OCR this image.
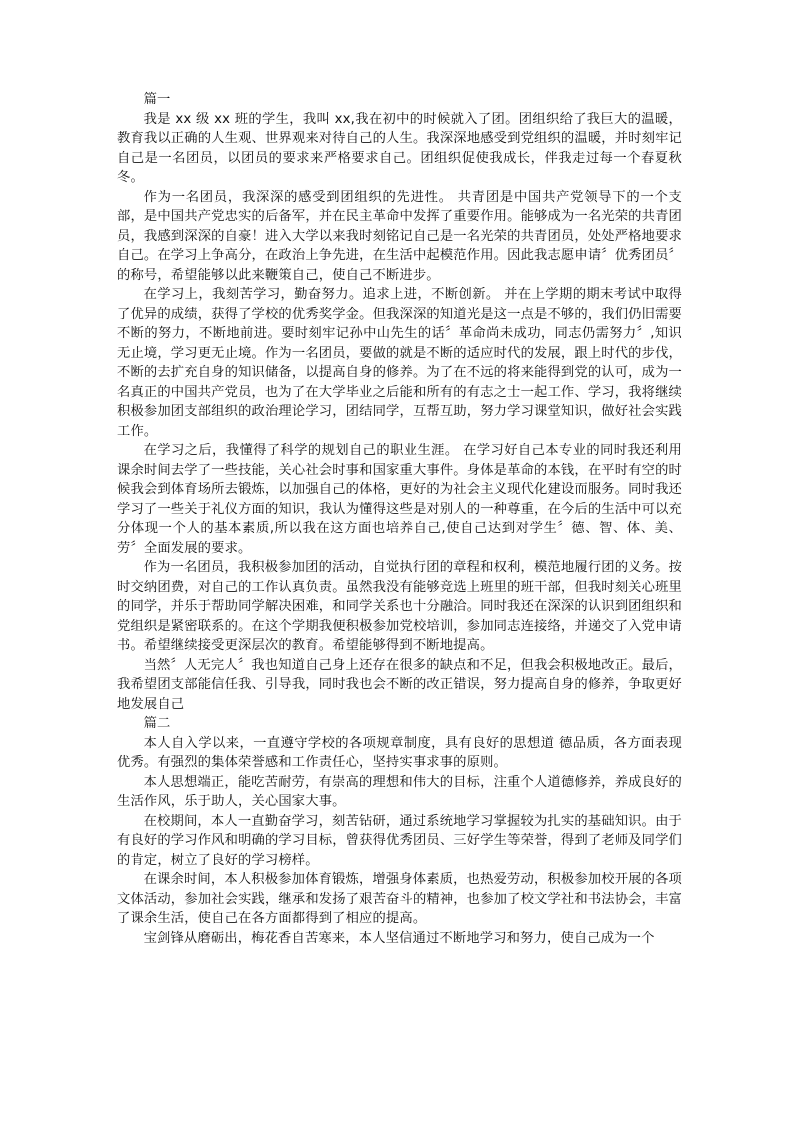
篇一

我是 xx 级 xx 班的学生，我叫 xx,我在初中的时候就入了团。团组织给了我巨大的温暖，教育我以正确的人生观、世界观来对待自己的人生。我深深地感受到党组织的温暖，并时刻牢记自己是一名团员，以团员的要求来严格要求自己。团组织促使我成长，伴我走过每一个春夏秋冬。

作为一名团员，我深深的感受到团组织的先进性。 共青团是中国共产党领导下的一个支部，是中国共产党忠实的后备军，并在民主革命中发挥了重要作用。能够成为一名光荣的共青团员，我感到深深的自豪！进入大学以来我时刻铭记自己是一名光荣的共青团员，处处严格地要求自己。在学习上争高分，在政治上争先进，在生活中起模范作用。因此我志愿申请〞优秀团员〞的称号，希望能够以此来鞭策自己，使自己不断进步。

在学习上，我刻苦学习，勤奋努力。追求上进，不断创新。 并在上学期的期末考试中取得了优异的成绩，获得了学校的优秀奖学金。但我深深的知道光是这一点是不够的，我们仍旧需要不断的努力，不断地前进。要时刻牢记孙中山先生的话〞革命尚未成功，同志仍需努力〞,知识无止境，学习更无止境。作为一名团员，要做的就是不断的适应时代的发展，跟上时代的步伐，不断的去扩充自身的知识储备，以提高自身的修养。为了在不远的将来能得到党的认可，成为一名真正的中国共产党员，也为了在大学毕业之后能和所有的有志之士一起工作、学习，我将继续积极参加团支部组织的政治理论学习，团结同学，互帮互助，努力学习课堂知识，做好社会实践工作。

在学习之后，我懂得了科学的规划自己的职业生涯。 在学习好自己本专业的同时我还利用课余时间去学了一些技能，关心社会时事和国家重大事件。身体是革命的本钱，在平时有空的时候我会到体育场所去锻炼，以加强自己的体格，更好的为社会主义现代化建设而服务。同时我还学习了一些关于礼仪方面的知识，我认为懂得这些是对别人的一种尊重，在今后的生活中可以充分体现一个人的基本素质,所以我在这方面也培养自己,使自己达到对学生〞德、智、体、美、劳〞全面发展的要求。

作为一名团员，我积极参加团的活动，自觉执行团的章程和权利，模范地履行团的义务。按时交纳团费，对自己的工作认真负责。虽然我没有能够竞选上班里的班干部，但我时刻关心班里的同学，并乐于帮助同学解决困难，和同学关系也十分融洽。同时我还在深深的认识到团组织和党组织是紧密联系的。在这个学期我便积极参加党校培训，参加同志连接络，并递交了入党申请书。希望继续接受更深层次的教育。希望能够得到不断地提高。

当然〞人无完人〞我也知道自己身上还存在很多的缺点和不足，但我会积极地改正。最后，我希望团支部能信任我、引导我，同时我也会不断的改正错误，努力提高自身的修养，争取更好地发展自己

篇二

本人自入学以来，一直遵守学校的各项规章制度，具有良好的思想道 德品质，各方面表现优秀。有强烈的集体荣誉感和工作责任心，坚持实事求事的原则。

本人思想端正，能吃苦耐劳，有崇高的理想和伟大的目标，注重个人道德修养，养成良好的生活作风，乐于助人，关心国家大事。

在校期间，本人一直勤奋学习，刻苦钻研，通过系统地学习掌握较为扎实的基础知识。由于有良好的学习作风和明确的学习目标，曾获得优秀团员、三好学生等荣誉，得到了老师及同学们的肯定，树立了良好的学习榜样。

在课余时间，本人积极参加体育锻炼，增强身体素质，也热爱劳动，积极参加校开展的各项文体活动，参加社会实践，继承和发扬了艰苦奋斗的精神，也参加了校文学社和书法协会，丰富了课余生活，使自己在各方面都得到了相应的提高。

宝剑锋从磨砺出，梅花香自苦寒来，本人坚信通过不断地学习和努力，使自己成为一个
